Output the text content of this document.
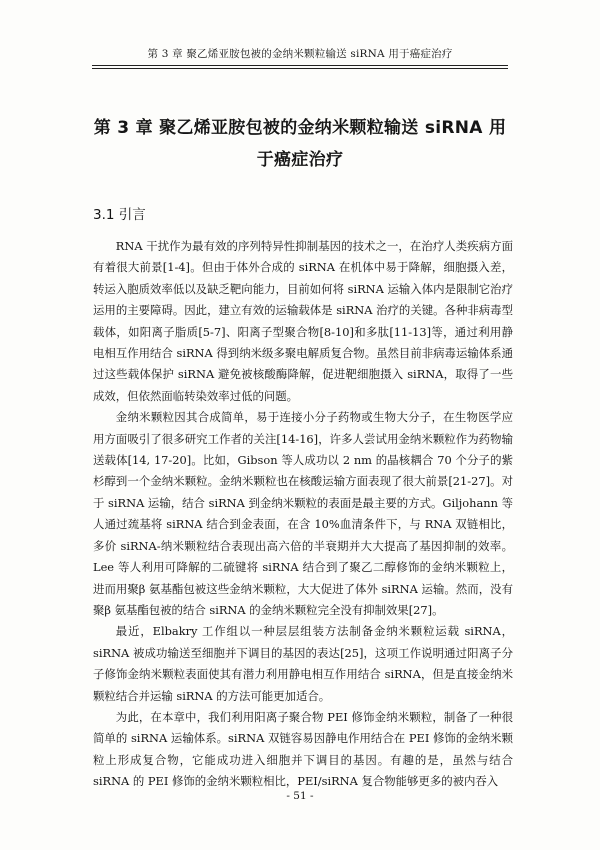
第 3 章 聚乙烯亚胺包被的金纳米颗粒输送 siRNA 用于癌症治疗
第 3 章 聚乙烯亚胺包被的金纳米颗粒输送 siRNA 用于癌症治疗
3.1 引言

RNA 干扰作为最有效的序列特异性抑制基因的技术之一，在治疗人类疾病方面有着很大前景[1-4]。但由于体外合成的 siRNA 在机体中易于降解，细胞摄入差，转运入胞质效率低以及缺乏靶向能力，目前如何将 siRNA 运输入体内是限制它治疗运用的主要障碍。因此，建立有效的运输载体是 siRNA 治疗的关键。各种非病毒型载体，如阳离子脂质[5-7]、阳离子型聚合物[8-10]和多肽[11-13]等，通过利用静电相互作用结合 siRNA 得到纳米级多聚电解质复合物。虽然目前非病毒运输体系通过这些载体保护 siRNA 避免被核酸酶降解，促进靶细胞摄入 siRNA，取得了一些成效，但依然面临转染效率过低的问题。

金纳米颗粒因其合成简单，易于连接小分子药物或生物大分子，在生物医学应用方面吸引了很多研究工作者的关注[14-16]，许多人尝试用金纳米颗粒作为药物输送载体[14, 17-20]。比如，Gibson 等人成功以 2 nm 的晶核耦合 70 个分子的紫杉醇到一个金纳米颗粒。金纳米颗粒也在核酸运输方面表现了很大前景[21-27]。对于 siRNA 运输，结合 siRNA 到金纳米颗粒的表面是最主要的方式。Giljohann 等人通过巯基将 siRNA 结合到金表面，在含 10%血清条件下，与 RNA 双链相比，多价 siRNA-纳米颗粒结合表现出高六倍的半衰期并大大提高了基因抑制的效率。Lee 等人利用可降解的二硫键将 siRNA 结合到了聚乙二醇修饰的金纳米颗粒上，进而用聚β 氨基酯包被这些金纳米颗粒，大大促进了体外 siRNA 运输。然而，没有聚β 氨基酯包被的结合 siRNA 的金纳米颗粒完全没有抑制效果[27]。

最近，Elbakry 工作组以一种层层组装方法制备金纳米颗粒运载 siRNA，siRNA 被成功输送至细胞并下调目的基因的表达[25]，这项工作说明通过阳离子分子修饰金纳米颗粒表面使其有潜力利用静电相互作用结合 siRNA，但是直接金纳米颗粒结合并运输 siRNA 的方法可能更加适合。

为此，在本章中，我们利用阳离子聚合物 PEI 修饰金纳米颗粒，制备了一种很简单的 siRNA 运输体系。siRNA 双链容易因静电作用结合在 PEI 修饰的金纳米颗粒上形成复合物，它能成功进入细胞并下调目的基因。有趣的是，虽然与结合 siRNA 的 PEI 修饰的金纳米颗粒相比，PEI/siRNA 复合物能够更多的被内吞入

- 51 -
